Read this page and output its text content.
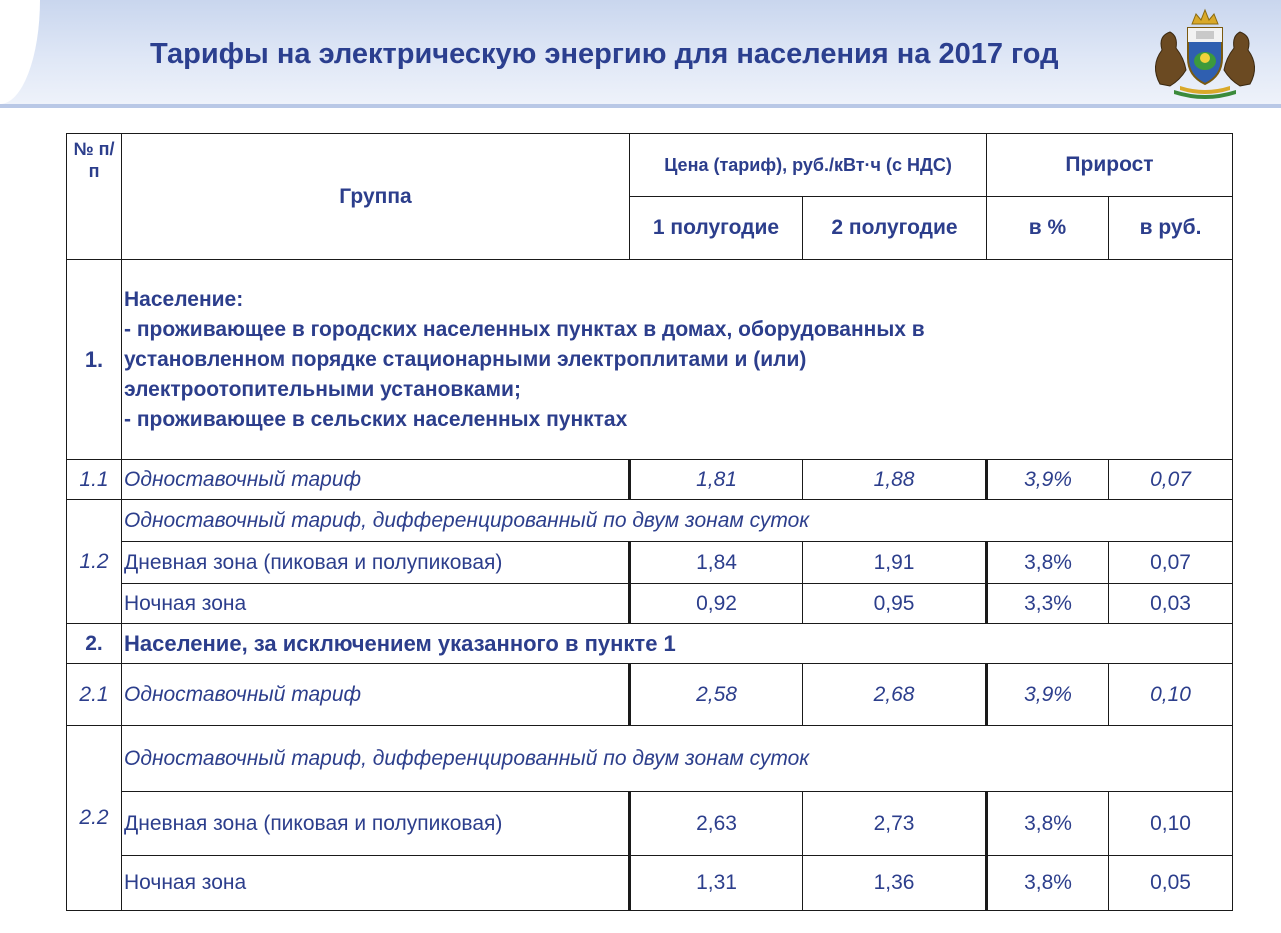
Тарифы на электрическую энергию для населения на 2017 год
№ п/п	Группа	Цена (тариф), руб./кВт·ч (с НДС)		Прирост	
		1 полугодие	2 полугодие	в %	в руб.
1.	Население:
- проживающее в городских населенных пунктах в домах, оборудованных в
установленном порядке стационарными электроплитами и (или)
электроотопительными установками;
- проживающее в сельских населенных пунктах				

1.1	Одноставочный тариф	1,81	1,88	3,9%	0,07
1.2	Одноставочный тариф, дифференцированный по двум зонам суток				
	Дневная зона (пиковая и полупиковая)	1,84	1,91	3,8%	0,07
	Ночная зона	0,92	0,95	3,3%	0,03
2.	Население, за исключением указанного в пункте 1				
2.1	Одноставочный тариф	2,58	2,68	3,9%	0,10
2.2	Одноставочный тариф, дифференцированный по двум зонам суток				
	Дневная зона (пиковая и полупиковая)	2,63	2,73	3,8%	0,10
	Ночная зона	1,31	1,36	3,8%	0,05
